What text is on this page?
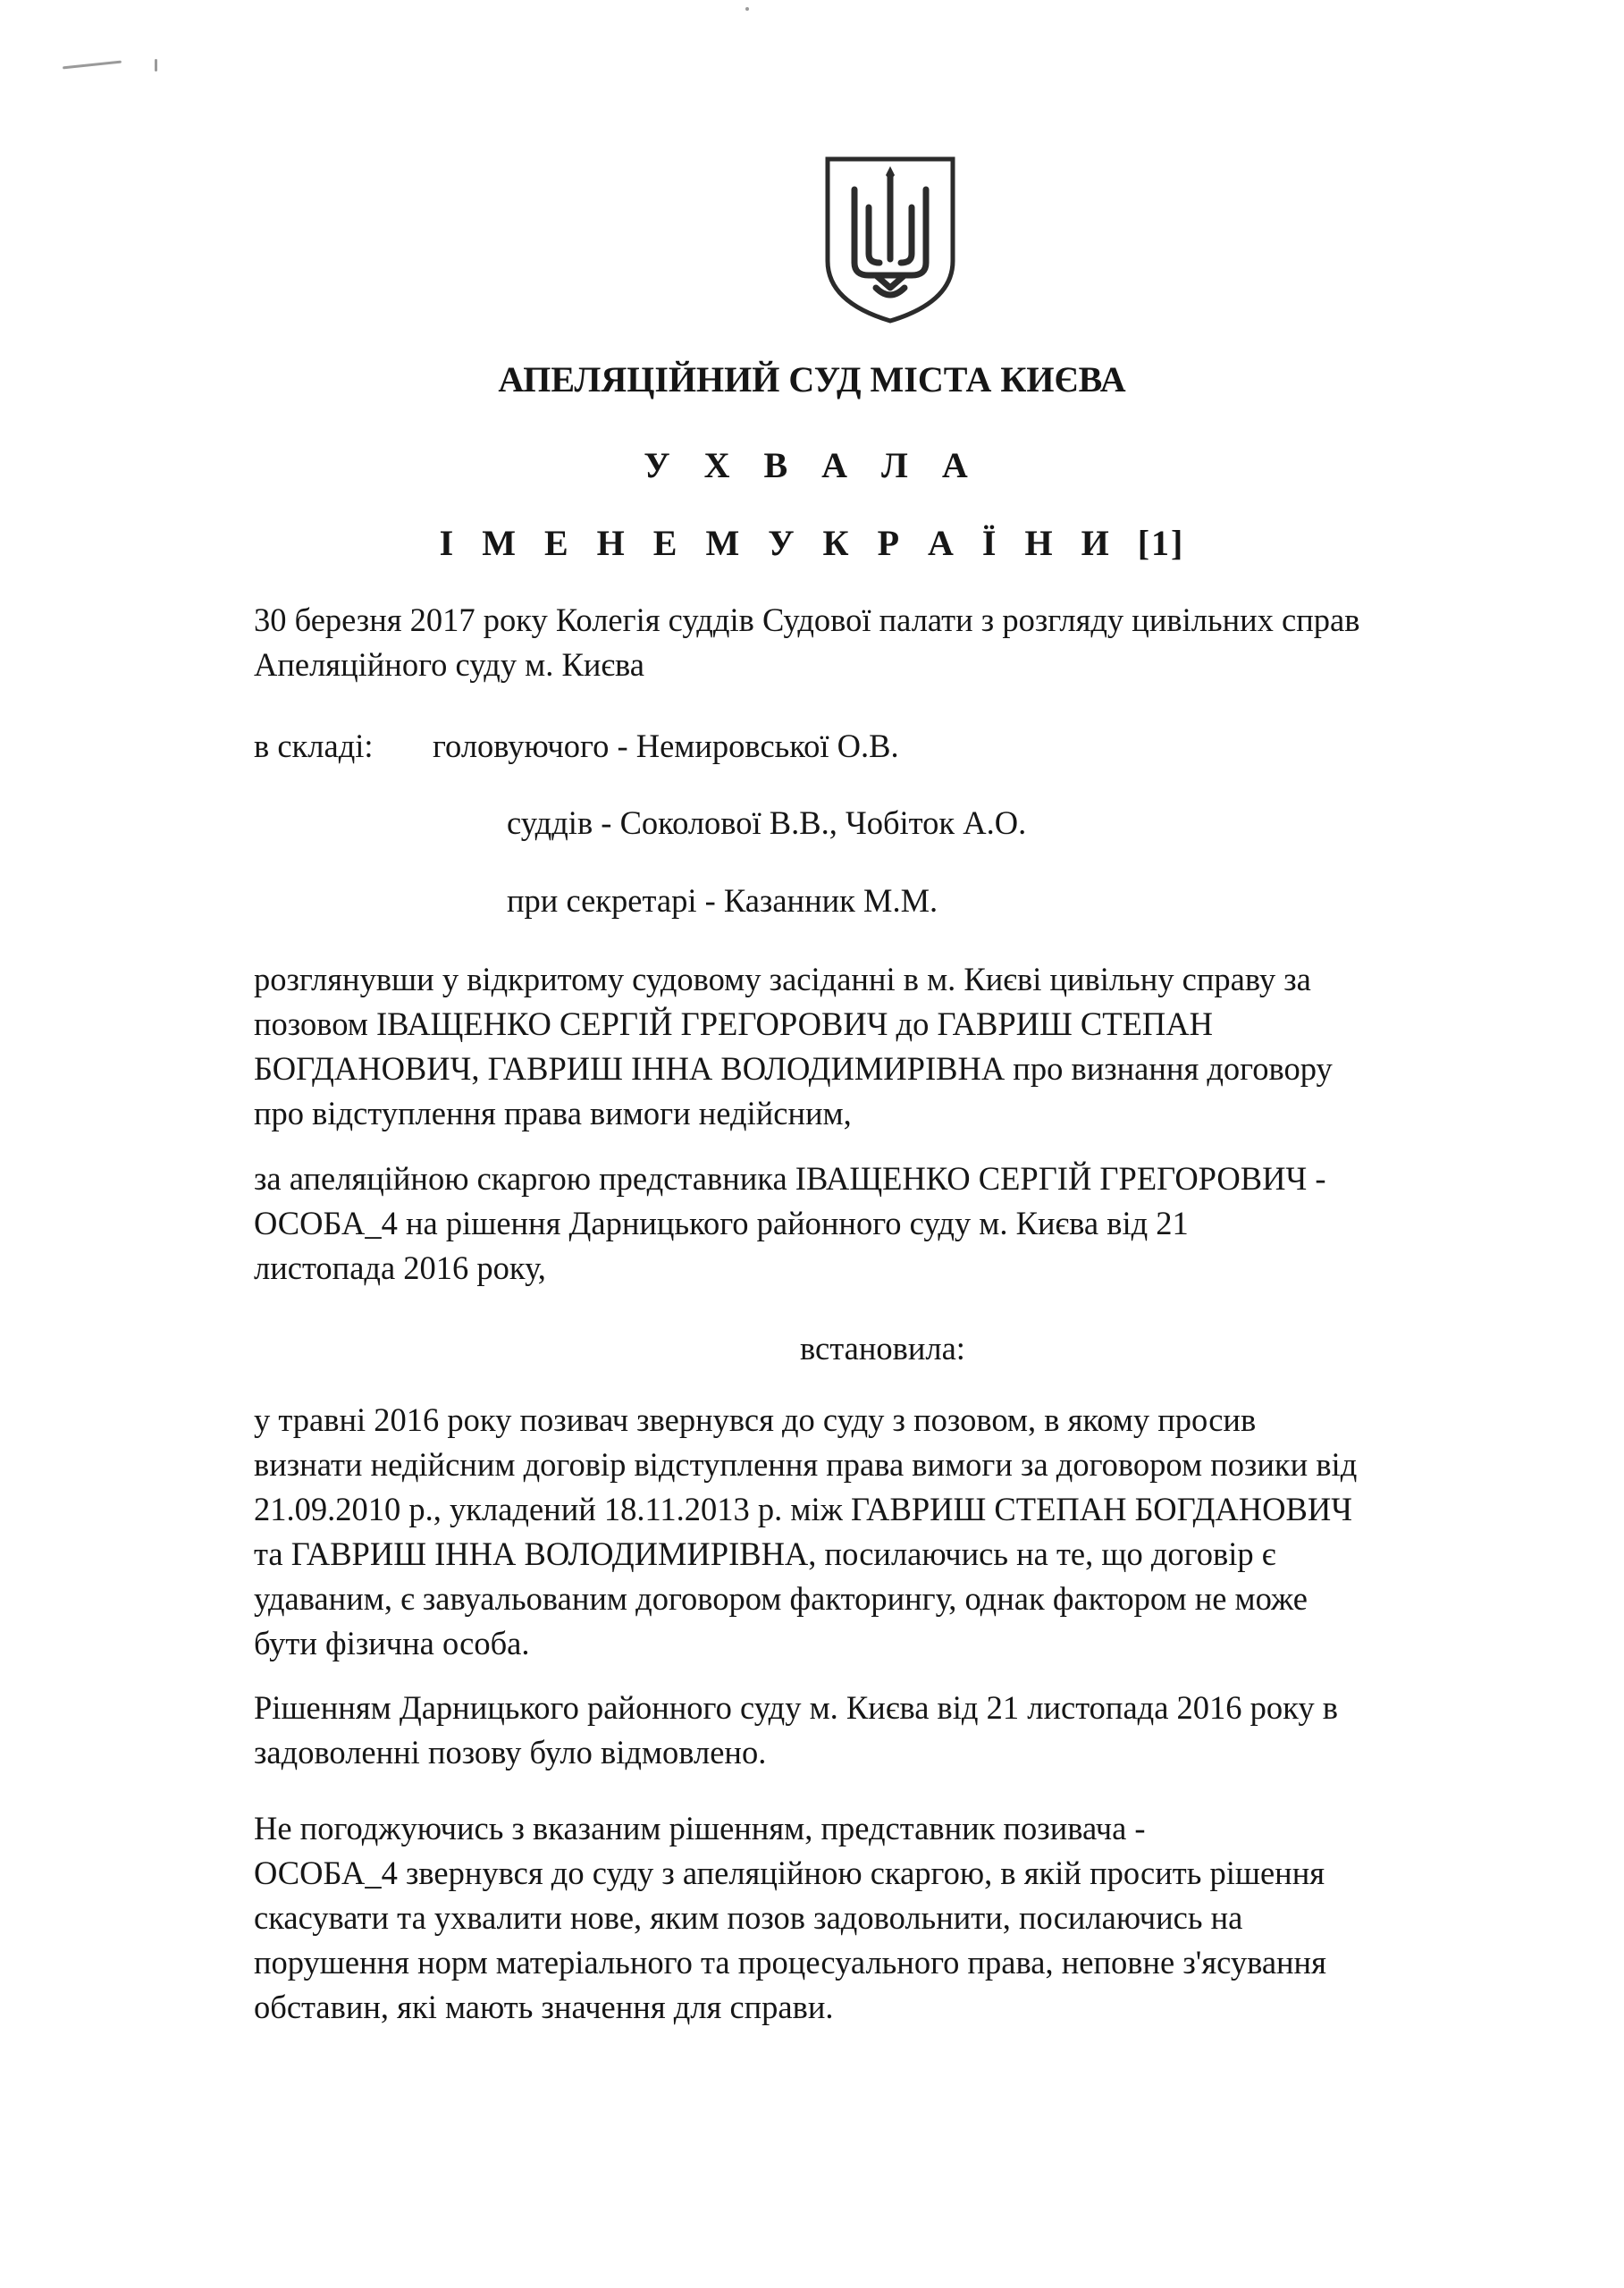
АПЕЛЯЦІЙНИЙ СУД МІСТА КИЄВА
У Х В А Л А
І М Е Н Е М У К Р А Ї Н И [1]
30 березня 2017 року Колегія суддів Судової палати з розгляду цивільних справ
Апеляційного суду м. Києва
в складі: головуючого - Немировської О.В.
суддів - Соколової В.В., Чобіток А.О.
при секретарі - Казанник М.М.
розглянувши у відкритому судовому засіданні в м. Києві цивільну справу за
позовом ІВАЩЕНКО СЕРГІЙ ГРЕГОРОВИЧ до ГАВРИШ СТЕПАН
БОГДАНОВИЧ, ГАВРИШ ІННА ВОЛОДИМИРІВНА про визнання договору
про відступлення права вимоги недійсним,
за апеляційною скаргою представника ІВАЩЕНКО СЕРГІЙ ГРЕГОРОВИЧ -
ОСОБА_4 на рішення Дарницького районного суду м. Києва від 21
листопада 2016 року,
встановила:
у травні 2016 року позивач звернувся до суду з позовом, в якому просив
визнати недійсним договір відступлення права вимоги за договором позики від
21.09.2010 р., укладений 18.11.2013 р. між ГАВРИШ СТЕПАН БОГДАНОВИЧ
та ГАВРИШ ІННА ВОЛОДИМИРІВНА, посилаючись на те, що договір є
удаваним, є завуальованим договором факторингу, однак фактором не може
бути фізична особа.
Рішенням Дарницького районного суду м. Києва від 21 листопада 2016 року в
задоволенні позову було відмовлено.
Не погоджуючись з вказаним рішенням, представник позивача -
ОСОБА_4 звернувся до суду з апеляційною скаргою, в якій просить рішення
скасувати та ухвалити нове, яким позов задовольнити, посилаючись на
порушення норм матеріального та процесуального права, неповне з'ясування
обставин, які мають значення для справи.
